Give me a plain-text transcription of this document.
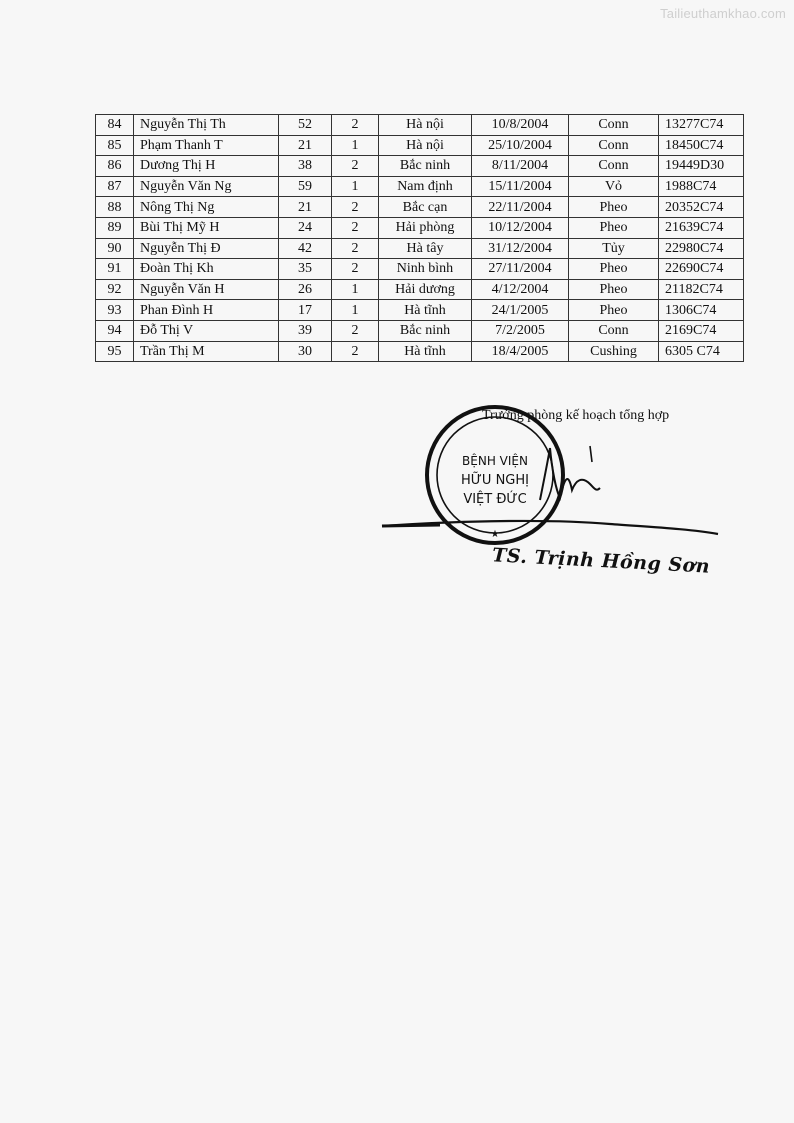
Tailieuthamkhao.com
84	Nguyễn Thị Th	52	2	Hà nội	10/8/2004	Conn	13277C74
85	Phạm Thanh T	21	1	Hà nội	25/10/2004	Conn	18450C74
86	Dương Thị H	38	2	Bắc ninh	8/11/2004	Conn	19449D30
87	Nguyễn Văn Ng	59	1	Nam định	15/11/2004	Vỏ	1988C74
88	Nông Thị Ng	21	2	Bắc cạn	22/11/2004	Pheo	20352C74
89	Bùi Thị Mỹ H	24	2	Hải phòng	10/12/2004	Pheo	21639C74
90	Nguyễn Thị Đ	42	2	Hà tây	31/12/2004	Tủy	22980C74
91	Đoàn Thị Kh	35	2	Ninh bình	27/11/2004	Pheo	22690C74
92	Nguyễn Văn H	26	1	Hải dương	4/12/2004	Pheo	21182C74
93	Phan Đình H	17	1	Hà tĩnh	24/1/2005	Pheo	1306C74
94	Đỗ Thị V	39	2	Bắc ninh	7/2/2005	Conn	2169C74
95	Trần Thị M	30	2	Hà tĩnh	18/4/2005	Cushing	6305 C74
BỆNH VIỆN
HỮU NGHỊ
VIỆT ĐỨC
★
Trưởng phòng kế hoạch tổng hợp
TS. Trịnh Hồng Sơn
